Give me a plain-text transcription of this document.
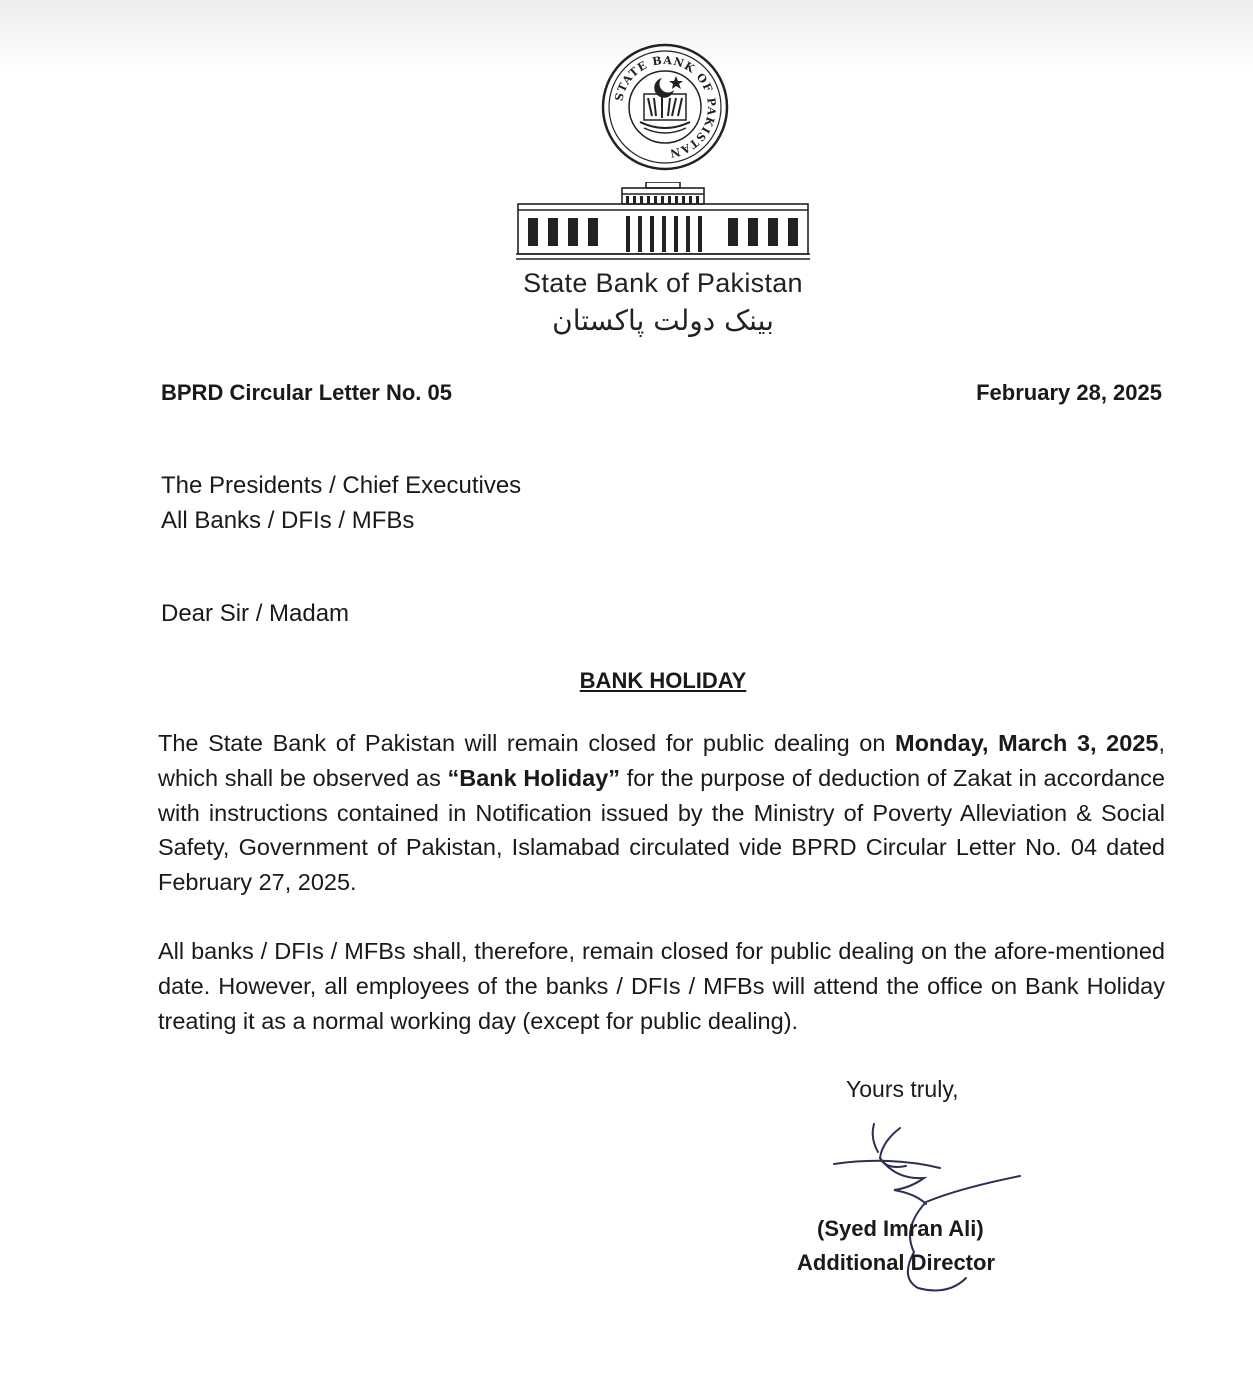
STATE BANK OF PAKISTAN
State Bank of Pakistan
بینک دولت پاکستان
BPRD Circular Letter No. 05	February 28, 2025
The Presidents / Chief Executives
All Banks / DFIs / MFBs
Dear Sir / Madam
BANK HOLIDAY
The State Bank of Pakistan will remain closed for public dealing on Monday, March 3, 2025, which shall be observed as “Bank Holiday” for the purpose of deduction of Zakat in accordance with instructions contained in Notification issued by the Ministry of Poverty Alleviation & Social Safety, Government of Pakistan, Islamabad circulated vide BPRD Circular Letter No. 04 dated February 27, 2025.
All banks / DFIs / MFBs shall, therefore, remain closed for public dealing on the afore-mentioned date. However, all employees of the banks / DFIs / MFBs will attend the office on Bank Holiday treating it as a normal working day (except for public dealing).
Yours truly,
(Syed Imran Ali)
Additional Director
